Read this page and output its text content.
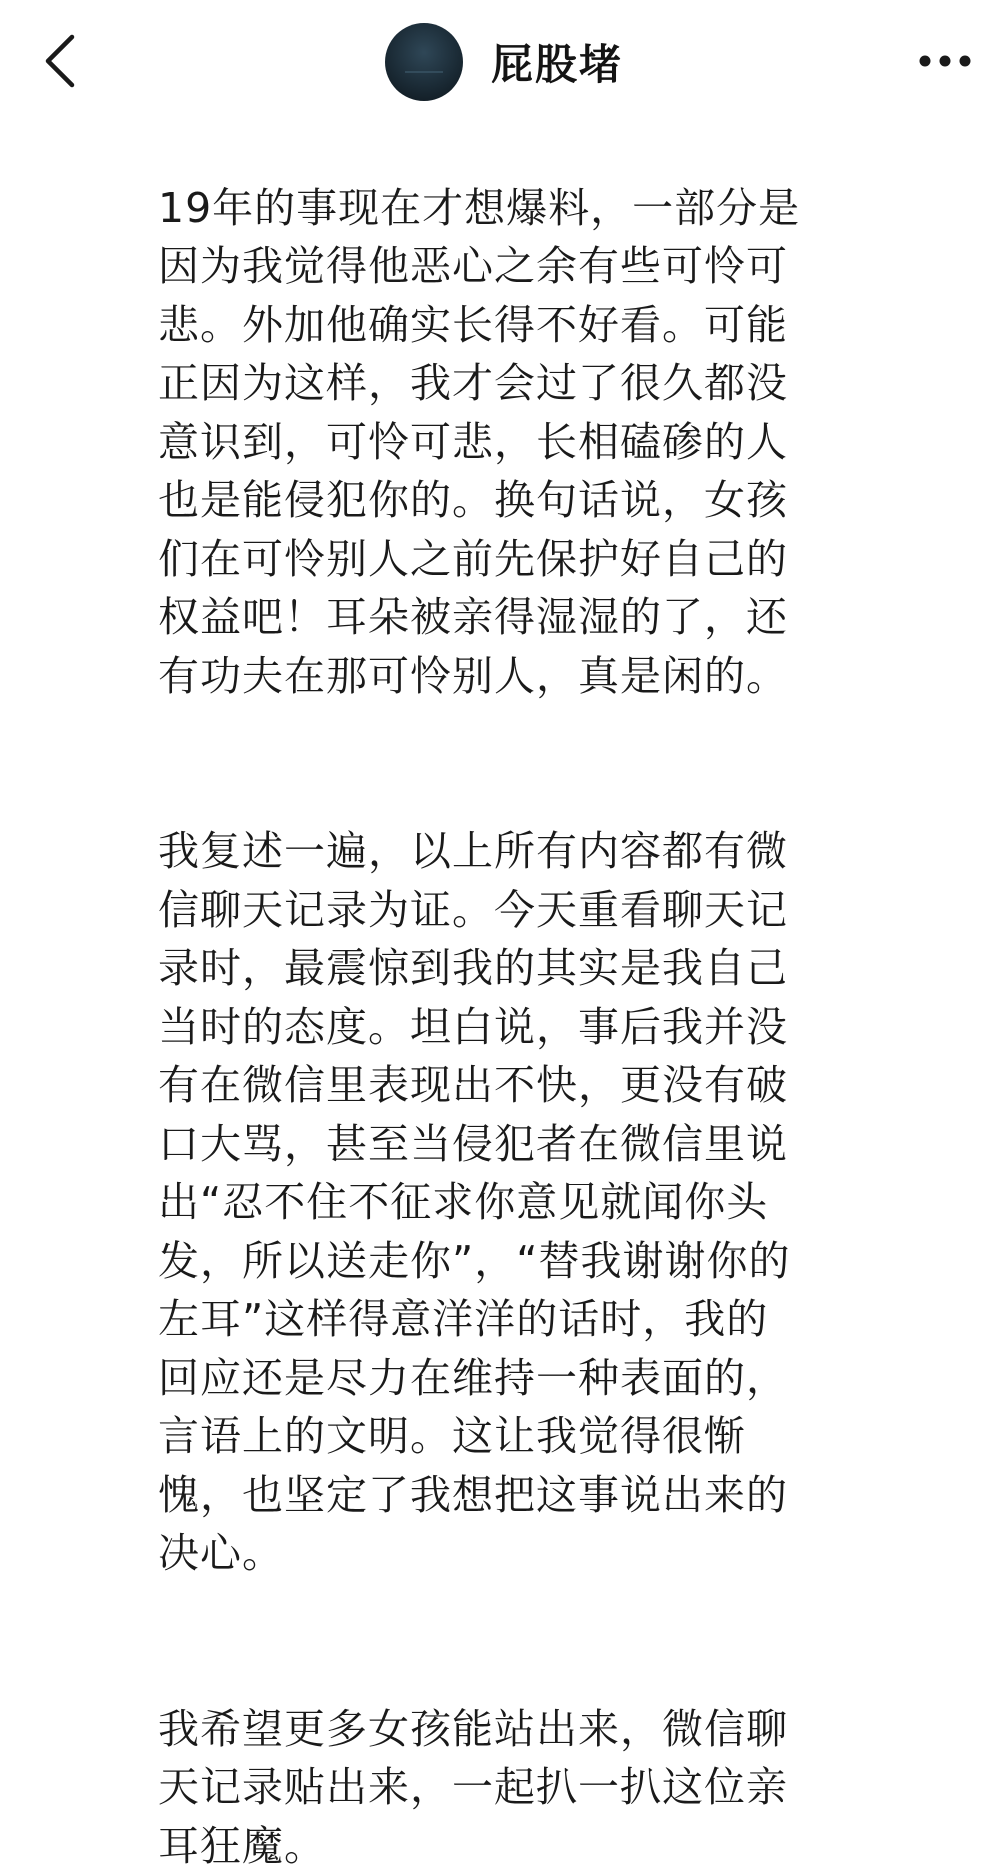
屁股堵

19年的事现在才想爆料，一部分是
因为我觉得他恶心之余有些可怜可
悲。外加他确实长得不好看。可能
正因为这样，我才会过了很久都没
意识到，可怜可悲，长相磕碜的人
也是能侵犯你的。换句话说，女孩
们在可怜别人之前先保护好自己的
权益吧！耳朵被亲得湿湿的了，还
有功夫在那可怜别人，真是闲的。

我复述一遍，以上所有内容都有微
信聊天记录为证。今天重看聊天记
录时，最震惊到我的其实是我自己
当时的态度。坦白说，事后我并没
有在微信里表现出不快，更没有破
口大骂，甚至当侵犯者在微信里说
出“忍不住不征求你意见就闻你头
发，所以送走你”，“替我谢谢你的
左耳”这样得意洋洋的话时，我的
回应还是尽力在维持一种表面的，
言语上的文明。这让我觉得很惭
愧，也坚定了我想把这事说出来的
决心。

我希望更多女孩能站出来，微信聊
天记录贴出来，一起扒一扒这位亲
耳狂魔。
